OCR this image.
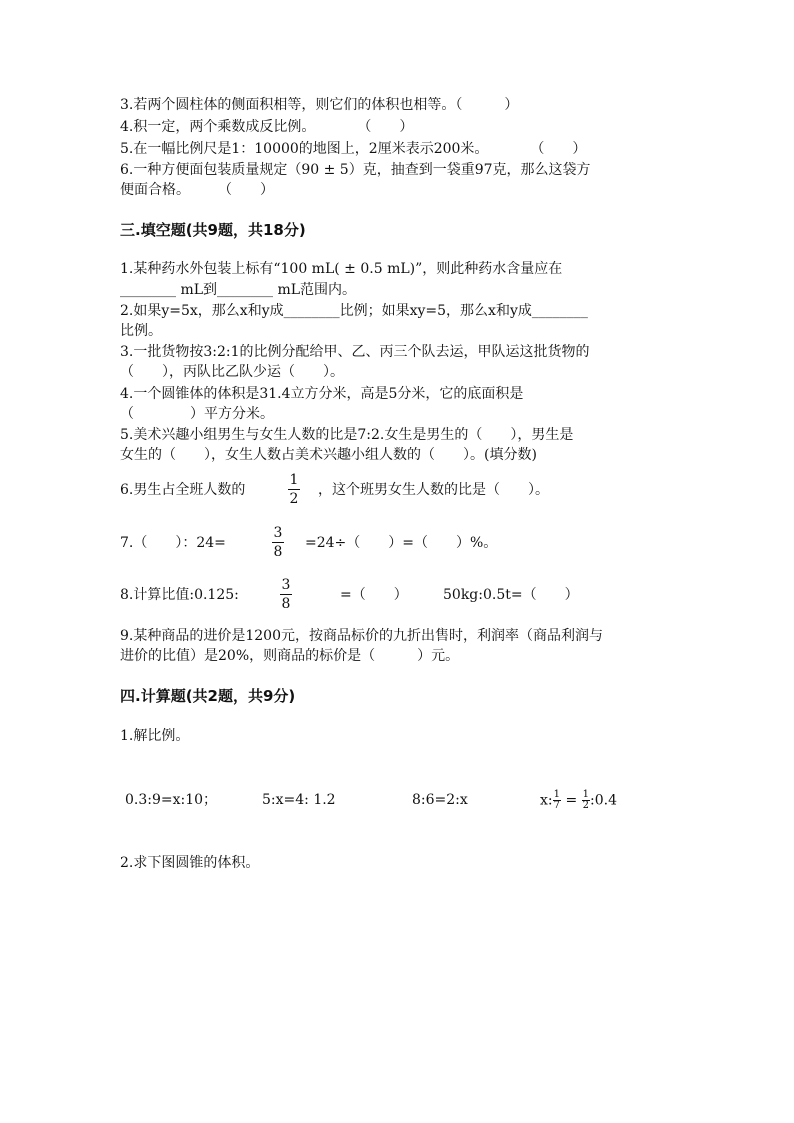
3.若两个圆柱体的侧面积相等，则它们的体积也相等。（　　　）
4.积一定，两个乘数成反比例。　　　　（　　）
5.在一幅比例尺是1：10000的地图上，2厘米表示200米。　　　　（　　）
6.一种方便面包装质量规定（90 ± 5）克，抽查到一袋重97克，那么这袋方
便面合格。　　　（　　）
三.填空题(共9题，共18分)
1.某种药水外包装上标有“100 mL( ± 0.5 mL)”，则此种药水含量应在
________ mL到________ mL范围内。
2.如果y=5x，那么x和y成________比例；如果xy=5，那么x和y成________
比例。
3.一批货物按3:2:1的比例分配给甲、乙、丙三个队去运，甲队运这批货物的
（　　），丙队比乙队少运（　　）。
4.一个圆锥体的体积是31.4立方分米，高是5分米，它的底面积是
（　　　　）平方分米。
5.美术兴趣小组男生与女生人数的比是7:2.女生是男生的（　　），男生是
女生的（　　），女生人数占美术兴趣小组人数的（　　）。(填分数)
6.男生占全班人数的
1
2
，这个班男女生人数的比是（　　）。
7.（　　）：24=
3
8
=24÷（　　）=（　　）%。
8.计算比值:0.125:
3
8
=（　　）	50kg:0.5t=（　　）
9.某种商品的进价是1200元，按商品标价的九折出售时，利润率（商品利润与
进价的比值）是20%，则商品的标价是（　　　）元。
四.计算题(共2题，共9分)
1.解比例。
0.3:9=x:10；	5:x=4: 1.2	8:6=2:x	x: $\frac{1}{7} = \frac{1}{2}$ :0.4
2.求下图圆锥的体积。
